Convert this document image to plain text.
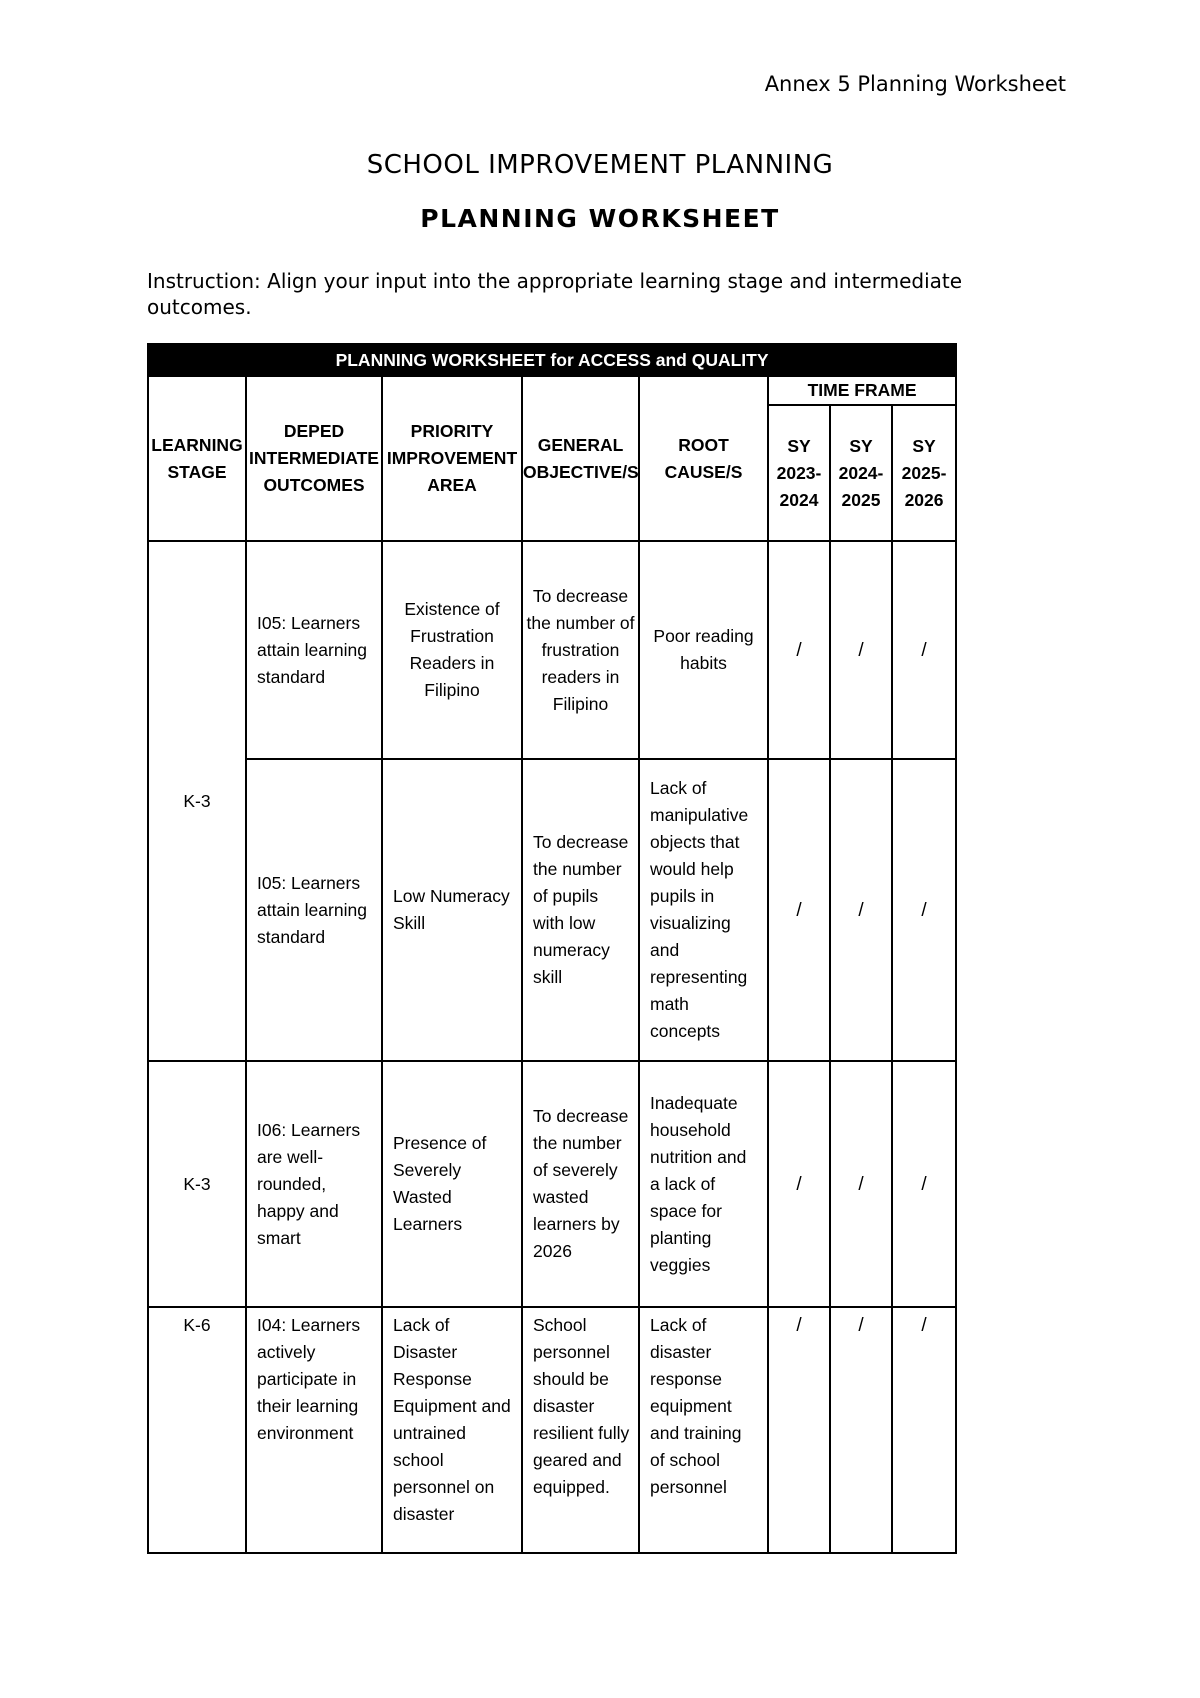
Annex 5 Planning Worksheet
SCHOOL IMPROVEMENT PLANNING
PLANNING WORKSHEET
Instruction: Align your input into the appropriate learning stage and intermediate outcomes.
PLANNING WORKSHEET for ACCESS and QUALITY							
LEARNING STAGE	DEPED INTERMEDIATE OUTCOMES	PRIORITY IMPROVEMENT AREA	GENERAL OBJECTIVE/S	ROOT CAUSE/S	TIME FRAME		
					SY 2023-2024	SY 2024-2025	SY 2025-2026
K-3	I05: Learners attain learning standard	Existence of Frustration Readers in Filipino	To decrease the number of frustration readers in Filipino	Poor reading habits	/	/	/
	I05: Learners attain learning standard	Low Numeracy Skill	To decrease the number of pupils with low numeracy skill	Lack of manipulative objects that would help pupils in visualizing and representing math concepts	/	/	/
K-3	I06: Learners are well-rounded, happy and smart	Presence of Severely Wasted Learners	To decrease the number of severely wasted learners by 2026	Inadequate household nutrition and a lack of space for planting veggies	/	/	/
K-6	I04: Learners actively participate in their learning environment	Lack of Disaster Response Equipment and untrained school personnel on disaster	School personnel should be disaster resilient fully geared and equipped.	Lack of disaster response equipment and training of school personnel	/	/	/
